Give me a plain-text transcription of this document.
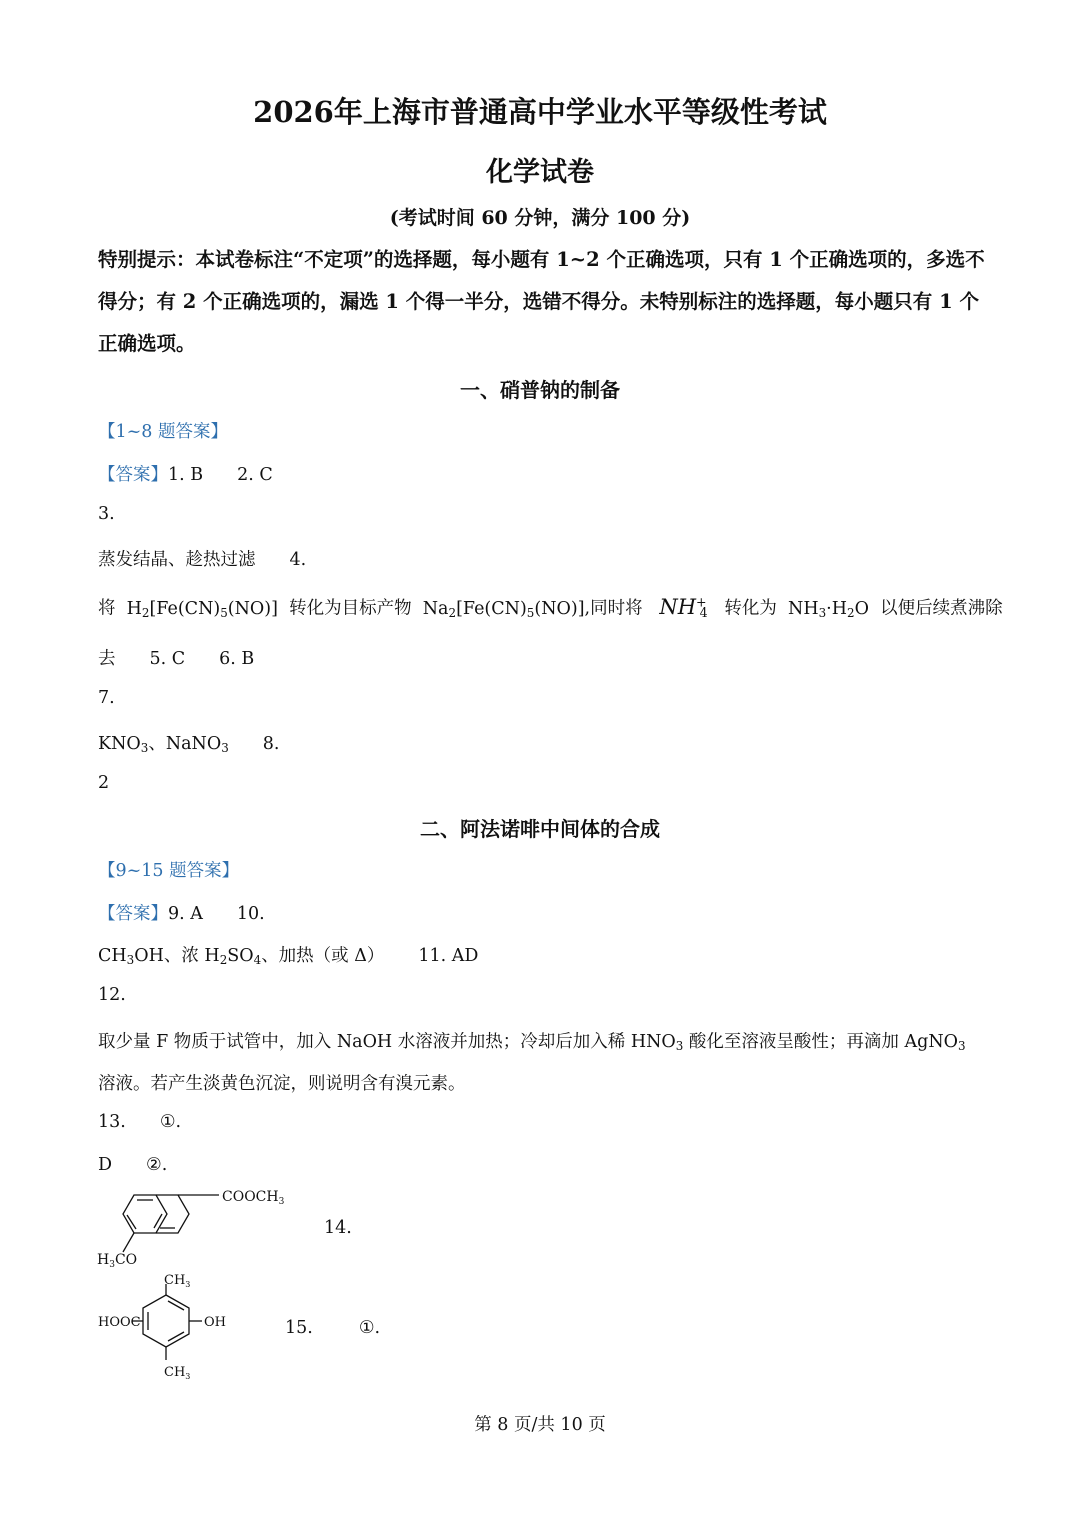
2026年上海市普通高中学业水平等级性考试
化学试卷
(考试时间 60 分钟，满分 100 分)
特别提示：本试卷标注“不定项”的选择题，每小题有 1~2 个正确选项，只有 1 个正确选项的，多选不得分；有 2 个正确选项的，漏选 1 个得一半分，选错不得分。未特别标注的选择题，每小题只有 1 个正确选项。
一、硝普钠的制备
【1~8 题答案】
【答案】1. B 2. C
3.
蒸发结晶、趁热过滤 4.
将 $H_2[Fe(CN)_5(NO)]$ 转化为目标产物 $Na_2[Fe(CN)_5(NO)]$,同时将 NH+4 转化为 $NH_3\cdot H_2O$ 以便后续煮沸除
去 5. C 6. B
7.
$KNO_3$、NaNO$_3$ 8.
2
二、阿法诺啡中间体的合成
【9~15 题答案】
【答案】9. A 10.
$CH_3OH$、浓 $H_2SO_4$、加热（或 Δ） 11. AD
12.
取少量 F 物质于试管中，加入 NaOH 水溶液并加热；冷却后加入稀 $HNO_3$ 酸化至溶液呈酸性；再滴加 AgNO$_3$
溶液。若产生淡黄色沉淀，则说明含有溴元素。
13. ①.
D ②.
$COOCH_3$
$H_3CO$
14.
$CH_3$
HOOC	OH
$CH_3$
15.	①.
第 8 页/共 10 页
